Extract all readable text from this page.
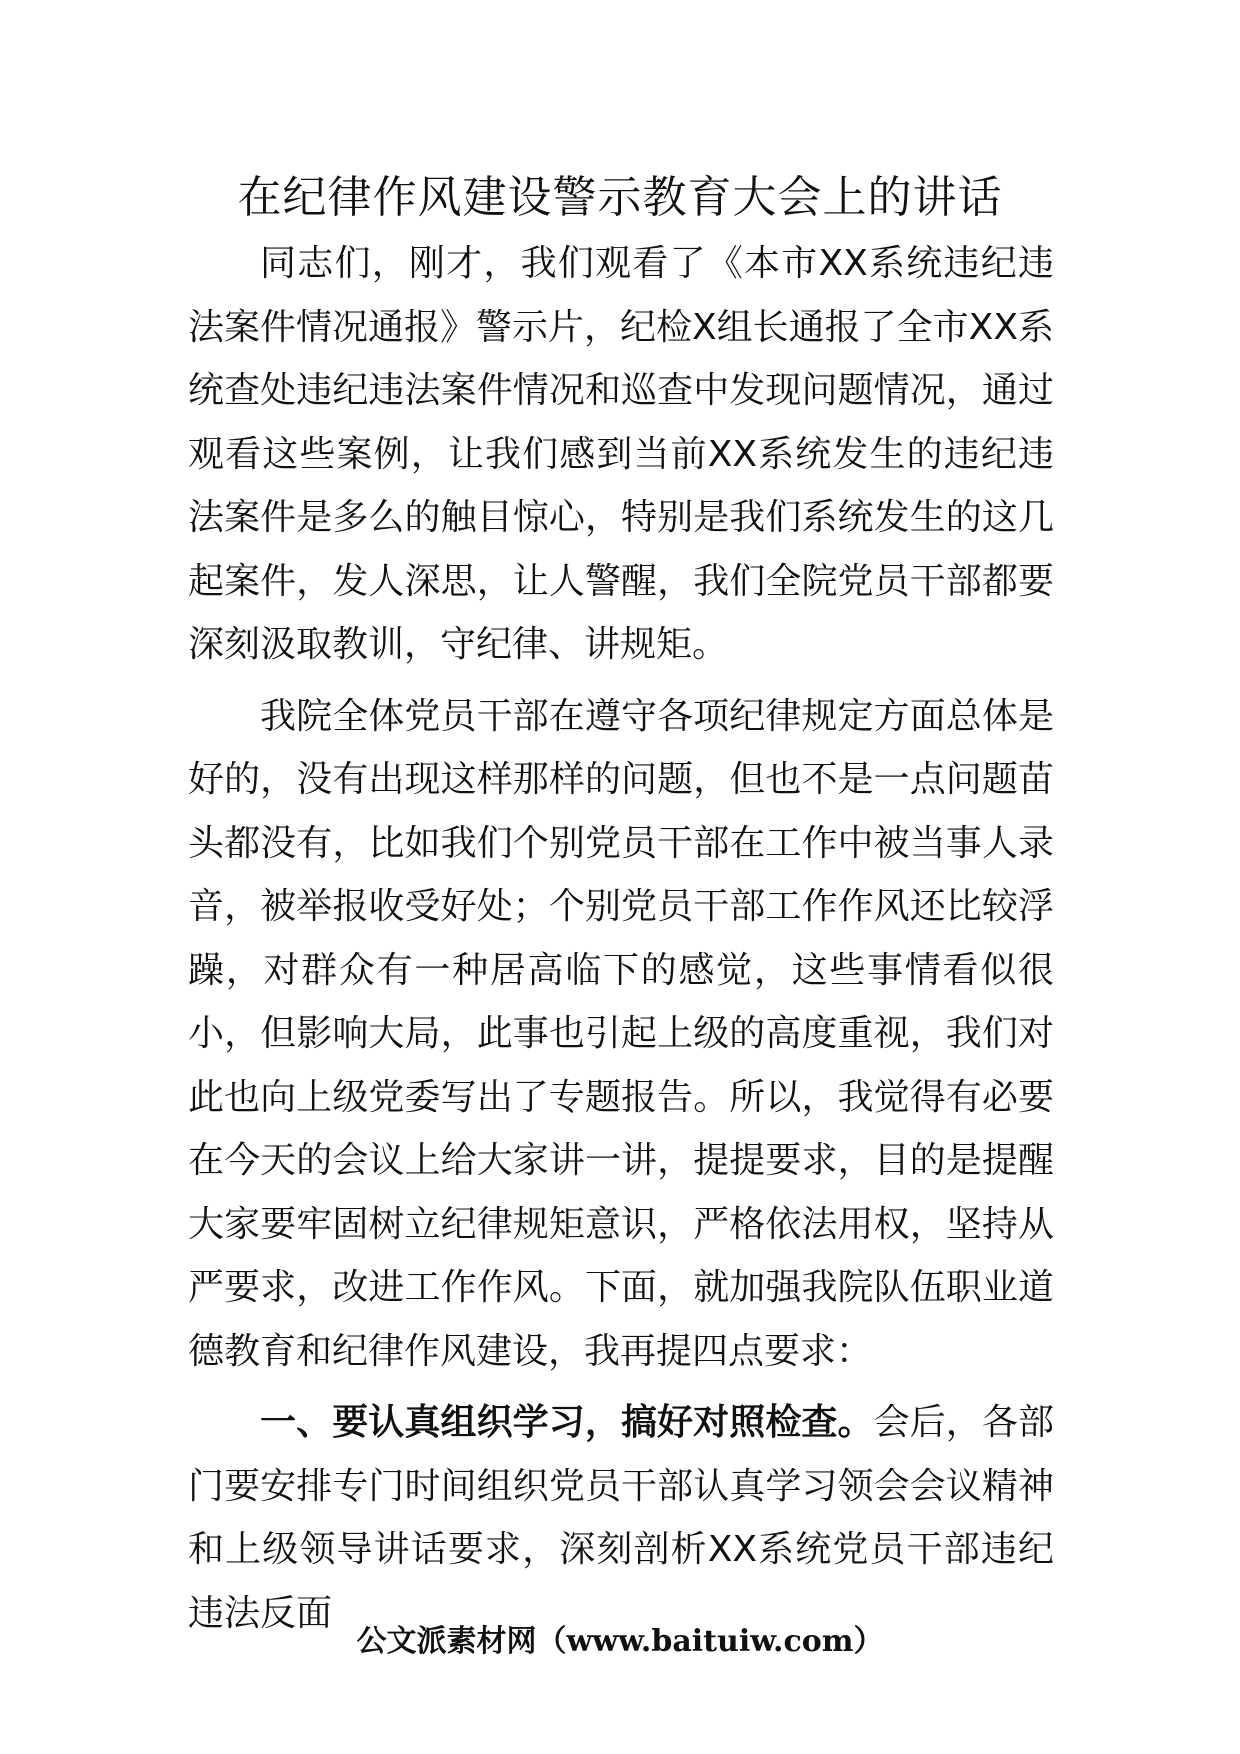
在纪律作风建设警示教育大会上的讲话

同志们，刚才，我们观看了《本市XX系统违纪违法案件情况通报》警示片，纪检X组长通报了全市XX系统查处违纪违法案件情况和巡查中发现问题情况，通过观看这些案例，让我们感到当前XX系统发生的违纪违法案件是多么的触目惊心，特别是我们系统发生的这几起案件，发人深思，让人警醒，我们全院党员干部都要深刻汲取教训，守纪律、讲规矩。

我院全体党员干部在遵守各项纪律规定方面总体是好的，没有出现这样那样的问题，但也不是一点问题苗头都没有，比如我们个别党员干部在工作中被当事人录音，被举报收受好处；个别党员干部工作作风还比较浮躁，对群众有一种居高临下的感觉，这些事情看似很小，但影响大局，此事也引起上级的高度重视，我们对此也向上级党委写出了专题报告。所以，我觉得有必要在今天的会议上给大家讲一讲，提提要求，目的是提醒大家要牢固树立纪律规矩意识，严格依法用权，坚持从严要求，改进工作作风。下面，就加强我院队伍职业道德教育和纪律作风建设，我再提四点要求：

一、要认真组织学习，搞好对照检查。会后，各部门要安排专门时间组织党员干部认真学习领会会议精神和上级领导讲话要求，深刻剖析XX系统党员干部违纪违法反面

公文派素材网（www.baituiw.com）
